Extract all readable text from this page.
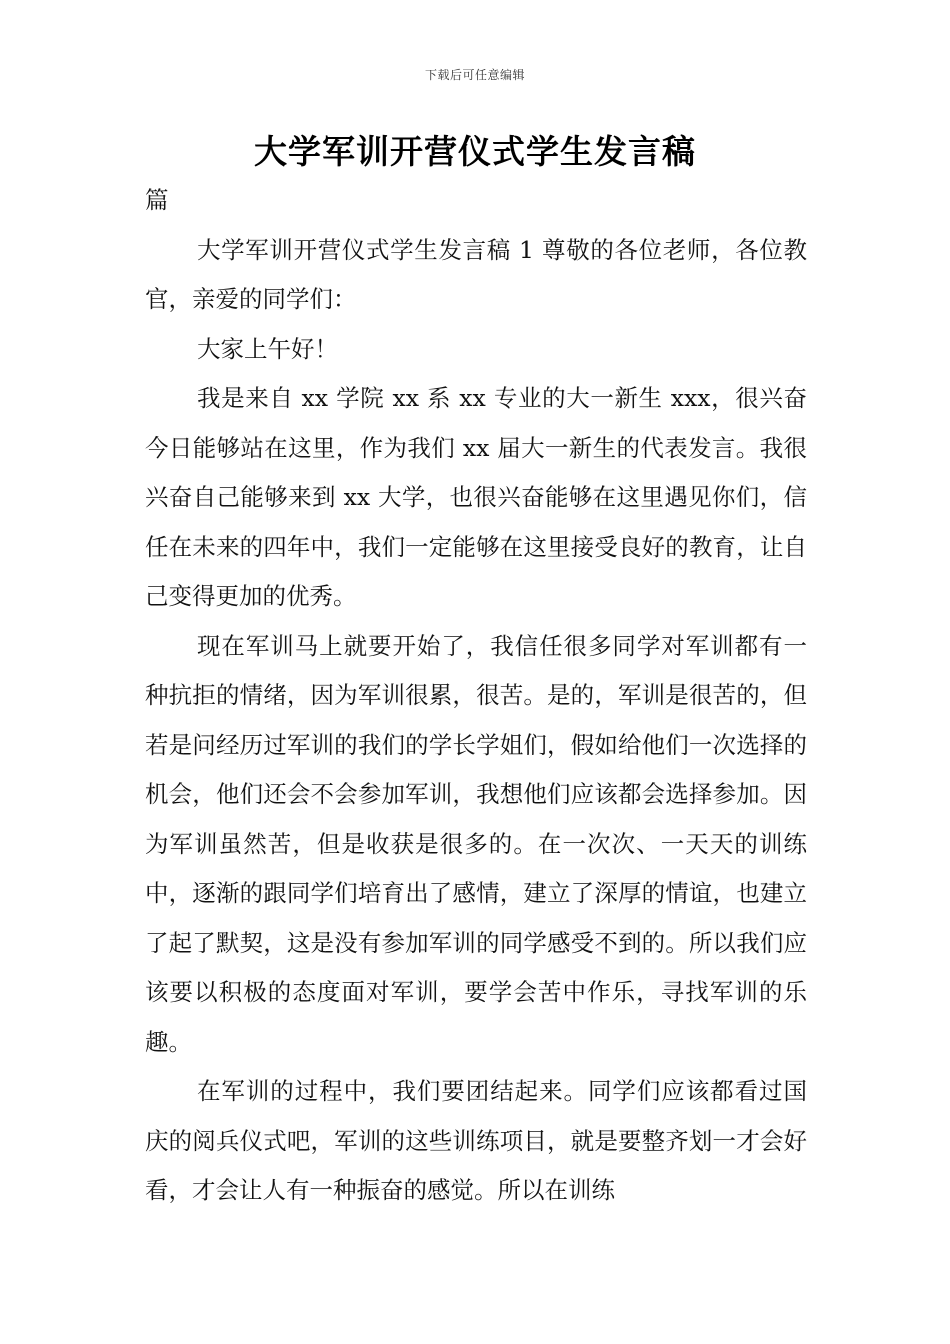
下载后可任意编辑
大学军训开营仪式学生发言稿

篇

大学军训开营仪式学生发言稿 1 尊敬的各位老师，各位教官，亲爱的同学们：

大家上午好！

我是来自 xx 学院 xx 系 xx 专业的大一新生 xxx，很兴奋今日能够站在这里，作为我们 xx 届大一新生的代表发言。我很兴奋自己能够来到 xx 大学，也很兴奋能够在这里遇见你们，信任在未来的四年中，我们一定能够在这里接受良好的教育，让自己变得更加的优秀。

现在军训马上就要开始了，我信任很多同学对军训都有一种抗拒的情绪，因为军训很累，很苦。是的，军训是很苦的，但若是问经历过军训的我们的学长学姐们，假如给他们一次选择的机会，他们还会不会参加军训，我想他们应该都会选择参加。因为军训虽然苦，但是收获是很多的。在一次次、一天天的训练中，逐渐的跟同学们培育出了感情，建立了深厚的情谊，也建立了起了默契，这是没有参加军训的同学感受不到的。所以我们应该要以积极的态度面对军训，要学会苦中作乐，寻找军训的乐趣。

在军训的过程中，我们要团结起来。同学们应该都看过国庆的阅兵仪式吧，军训的这些训练项目，就是要整齐划一才会好看，才会让人有一种振奋的感觉。所以在训练
